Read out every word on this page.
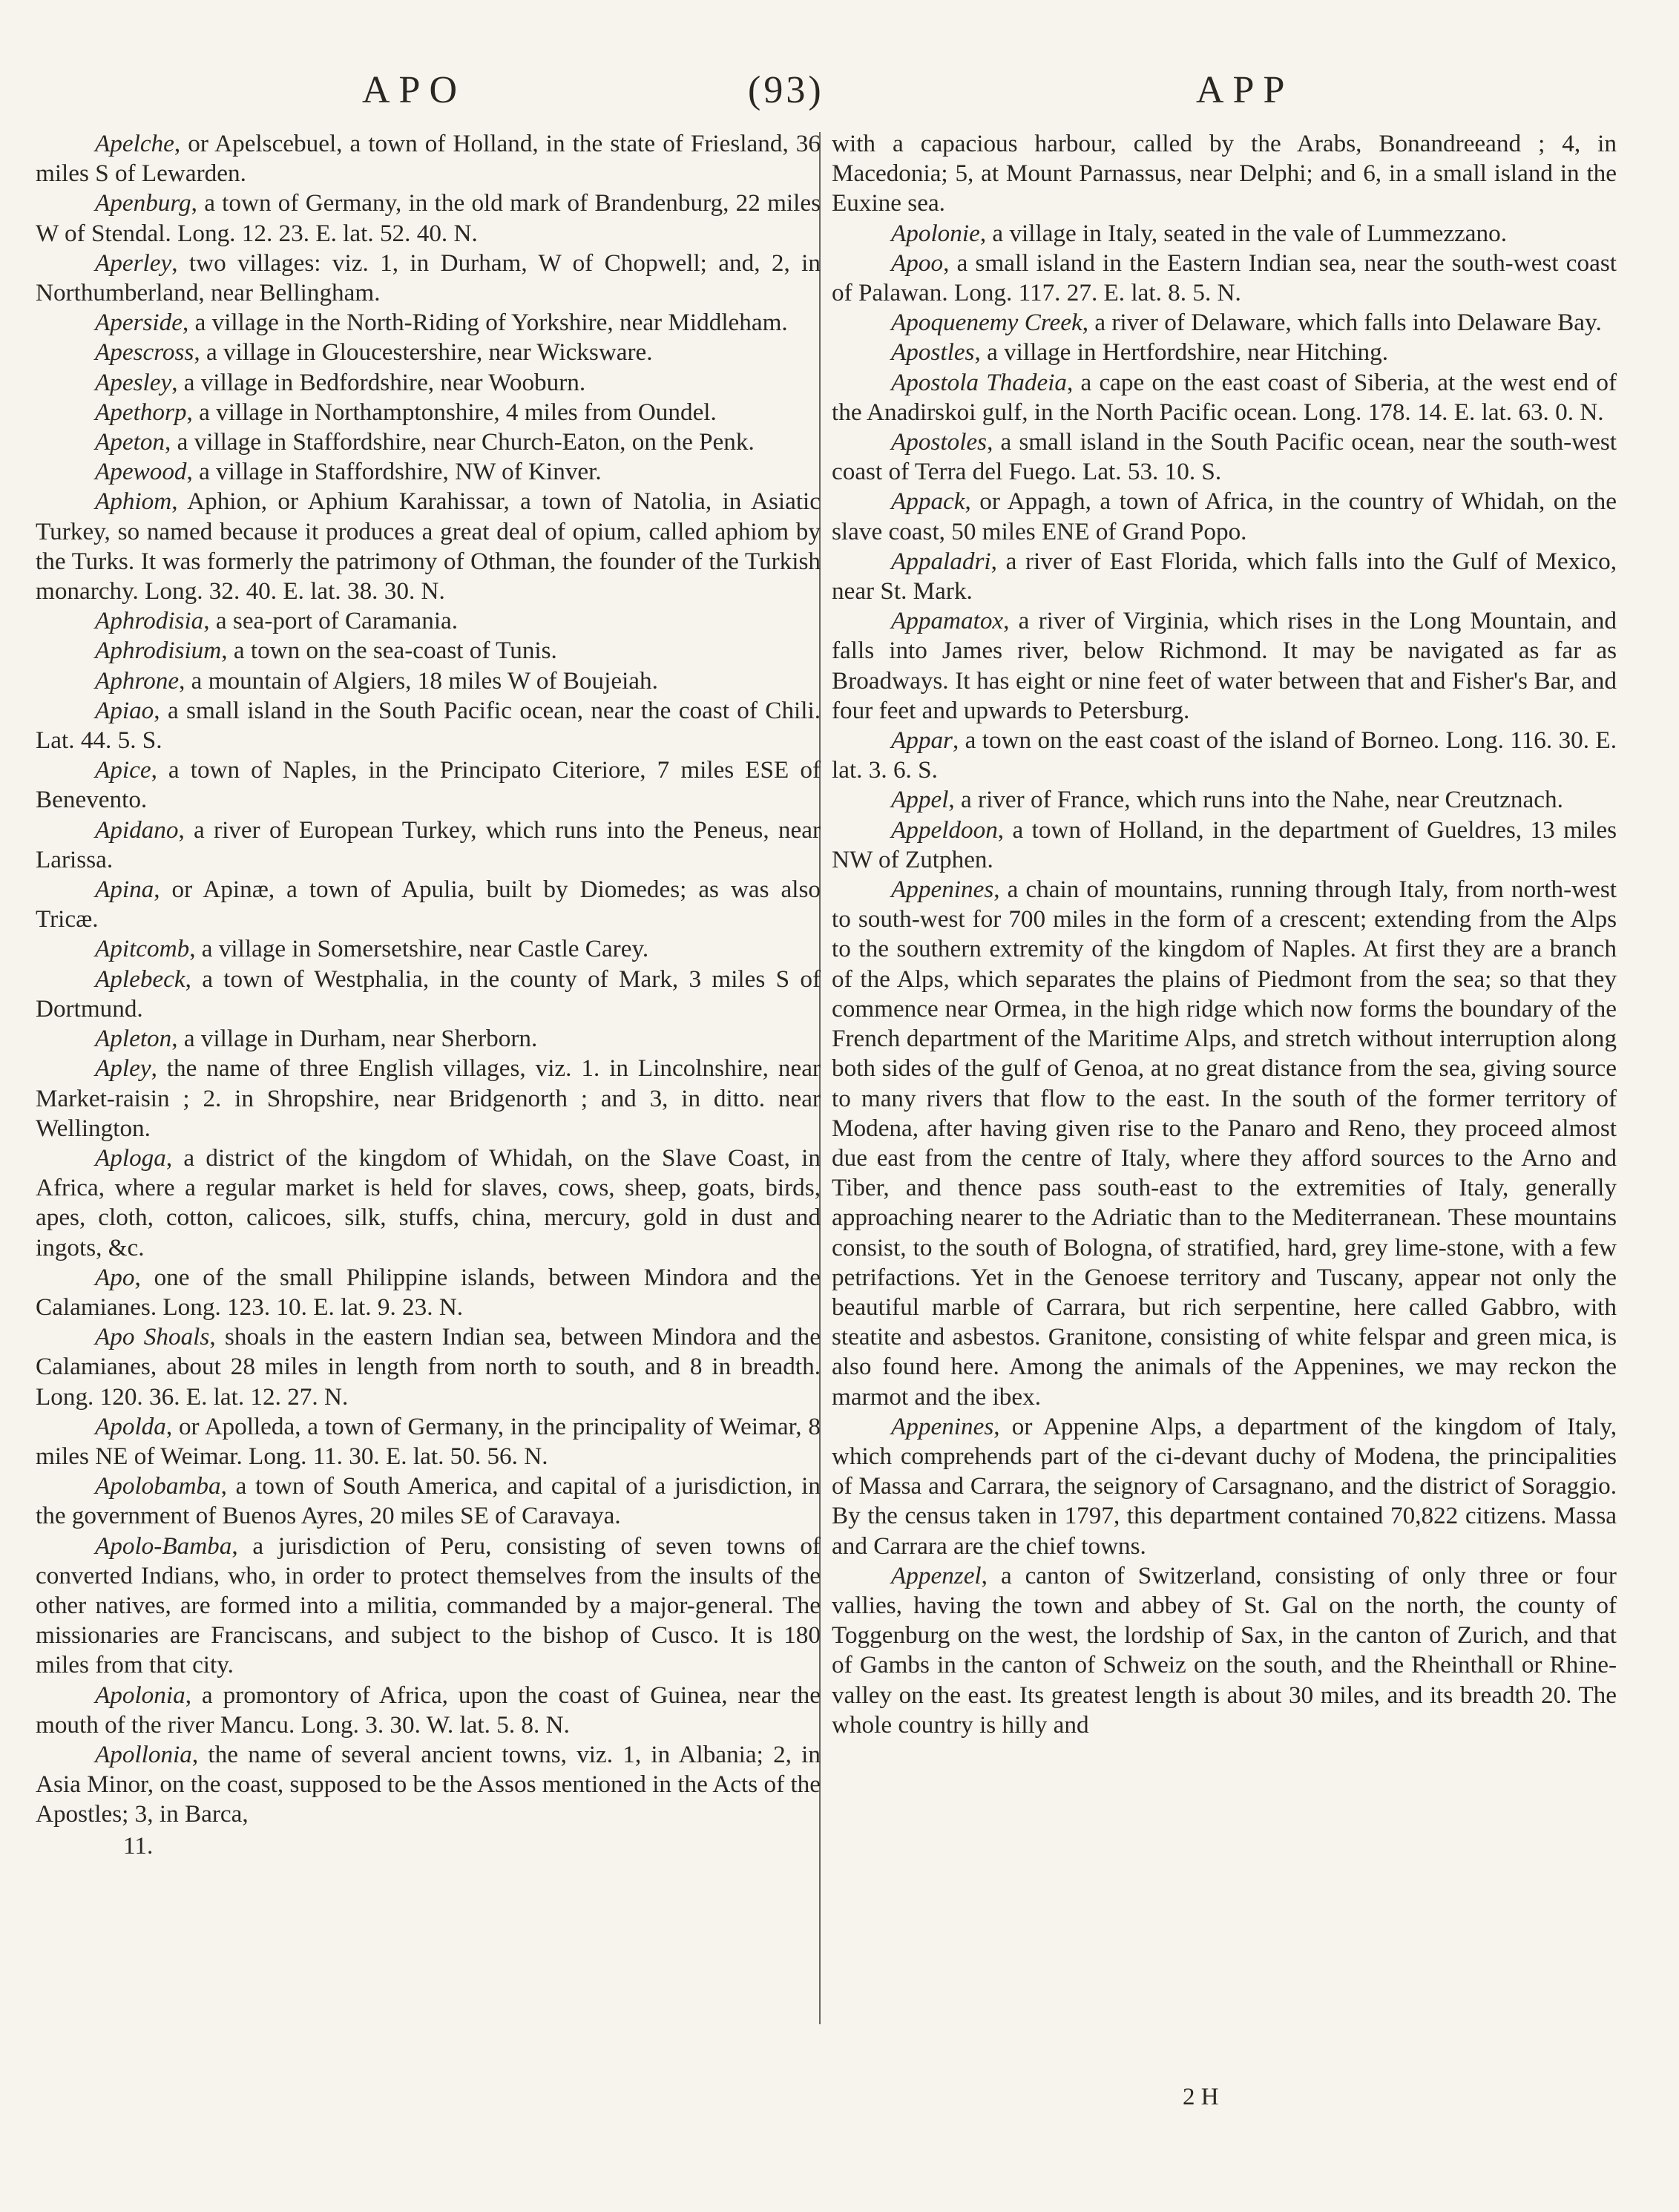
APO	(93)	APP

Apelche, or Apelscebuel, a town of Holland, in the state of Friesland, 36 miles S of Lewarden.

Apenburg, a town of Germany, in the old mark of Brandenburg, 22 miles W of Stendal. Long. 12. 23. E. lat. 52. 40. N.

Aperley, two villages: viz. 1, in Durham, W of Chopwell; and, 2, in Northumberland, near Bellingham.

Aperside, a village in the North-Riding of Yorkshire, near Middleham.

Apescross, a village in Gloucestershire, near Wicksware.

Apesley, a village in Bedfordshire, near Wooburn.

Apethorp, a village in Northamptonshire, 4 miles from Oundel.

Apeton, a village in Staffordshire, near Church-Eaton, on the Penk.

Apewood, a village in Staffordshire, NW of Kinver.

Aphiom, Aphion, or Aphium Karahissar, a town of Natolia, in Asiatic Turkey, so named because it produces a great deal of opium, called aphiom by the Turks. It was formerly the patrimony of Othman, the founder of the Turkish monarchy. Long. 32. 40. E. lat. 38. 30. N.

Aphrodisia, a sea-port of Caramania.

Aphrodisium, a town on the sea-coast of Tunis.

Aphrone, a mountain of Algiers, 18 miles W of Boujeiah.

Apiao, a small island in the South Pacific ocean, near the coast of Chili. Lat. 44. 5. S.

Apice, a town of Naples, in the Principato Citeriore, 7 miles ESE of Benevento.

Apidano, a river of European Turkey, which runs into the Peneus, near Larissa.

Apina, or Apinæ, a town of Apulia, built by Diomedes; as was also Tricæ.

Apitcomb, a village in Somersetshire, near Castle Carey.

Aplebeck, a town of Westphalia, in the county of Mark, 3 miles S of Dortmund.

Apleton, a village in Durham, near Sherborn.

Apley, the name of three English villages, viz. 1. in Lincolnshire, near Market-raisin ; 2. in Shropshire, near Bridgenorth ; and 3, in ditto. near Wellington.

Aploga, a district of the kingdom of Whidah, on the Slave Coast, in Africa, where a regular market is held for slaves, cows, sheep, goats, birds, apes, cloth, cotton, calicoes, silk, stuffs, china, mercury, gold in dust and ingots, &c.

Apo, one of the small Philippine islands, between Mindora and the Calamianes. Long. 123. 10. E. lat. 9. 23. N.

Apo Shoals, shoals in the eastern Indian sea, between Mindora and the Calamianes, about 28 miles in length from north to south, and 8 in breadth. Long. 120. 36. E. lat. 12. 27. N.

Apolda, or Apolleda, a town of Germany, in the principality of Weimar, 8 miles NE of Weimar. Long. 11. 30. E. lat. 50. 56. N.

Apolobamba, a town of South America, and capital of a jurisdiction, in the government of Buenos Ayres, 20 miles SE of Caravaya.

Apolo-Bamba, a jurisdiction of Peru, consisting of seven towns of converted Indians, who, in order to protect themselves from the insults of the other natives, are formed into a militia, commanded by a major-general. The missionaries are Franciscans, and subject to the bishop of Cusco. It is 180 miles from that city.

Apolonia, a promontory of Africa, upon the coast of Guinea, near the mouth of the river Mancu. Long. 3. 30. W. lat. 5. 8. N.

Apollonia, the name of several ancient towns, viz. 1, in Albania; 2, in Asia Minor, on the coast, supposed to be the Assos mentioned in the Acts of the Apostles; 3, in Barca,

11.

with a capacious harbour, called by the Arabs, Bonandreeand ; 4, in Macedonia; 5, at Mount Parnassus, near Delphi; and 6, in a small island in the Euxine sea.

Apolonie, a village in Italy, seated in the vale of Lummezzano.

Apoo, a small island in the Eastern Indian sea, near the south-west coast of Palawan. Long. 117. 27. E. lat. 8. 5. N.

Apoquenemy Creek, a river of Delaware, which falls into Delaware Bay.

Apostles, a village in Hertfordshire, near Hitching.

Apostola Thadeia, a cape on the east coast of Siberia, at the west end of the Anadirskoi gulf, in the North Pacific ocean. Long. 178. 14. E. lat. 63. 0. N.

Apostoles, a small island in the South Pacific ocean, near the south-west coast of Terra del Fuego. Lat. 53. 10. S.

Appack, or Appagh, a town of Africa, in the country of Whidah, on the slave coast, 50 miles ENE of Grand Popo.

Appaladri, a river of East Florida, which falls into the Gulf of Mexico, near St. Mark.

Appamatox, a river of Virginia, which rises in the Long Mountain, and falls into James river, below Richmond. It may be navigated as far as Broadways. It has eight or nine feet of water between that and Fisher's Bar, and four feet and upwards to Petersburg.

Appar, a town on the east coast of the island of Borneo. Long. 116. 30. E. lat. 3. 6. S.

Appel, a river of France, which runs into the Nahe, near Creutznach.

Appeldoon, a town of Holland, in the department of Gueldres, 13 miles NW of Zutphen.

Appenines, a chain of mountains, running through Italy, from north-west to south-west for 700 miles in the form of a crescent; extending from the Alps to the southern extremity of the kingdom of Naples. At first they are a branch of the Alps, which separates the plains of Piedmont from the sea; so that they commence near Ormea, in the high ridge which now forms the boundary of the French department of the Maritime Alps, and stretch without interruption along both sides of the gulf of Genoa, at no great distance from the sea, giving source to many rivers that flow to the east. In the south of the former territory of Modena, after having given rise to the Panaro and Reno, they proceed almost due east from the centre of Italy, where they afford sources to the Arno and Tiber, and thence pass south-east to the extremities of Italy, generally approaching nearer to the Adriatic than to the Mediterranean. These mountains consist, to the south of Bologna, of stratified, hard, grey lime-stone, with a few petrifactions. Yet in the Genoese territory and Tuscany, appear not only the beautiful marble of Carrara, but rich serpentine, here called Gabbro, with steatite and asbestos. Granitone, consisting of white felspar and green mica, is also found here. Among the animals of the Appenines, we may reckon the marmot and the ibex.

Appenines, or Appenine Alps, a department of the kingdom of Italy, which comprehends part of the ci-devant duchy of Modena, the principalities of Massa and Carrara, the seignory of Carsagnano, and the district of Soraggio. By the census taken in 1797, this department contained 70,822 citizens. Massa and Carrara are the chief towns.

Appenzel, a canton of Switzerland, consisting of only three or four vallies, having the town and abbey of St. Gal on the north, the county of Toggenburg on the west, the lordship of Sax, in the canton of Zurich, and that of Gambs in the canton of Schweiz on the south, and the Rheinthall or Rhine-valley on the east. Its greatest length is about 30 miles, and its breadth 20. The whole country is hilly and

2 H
